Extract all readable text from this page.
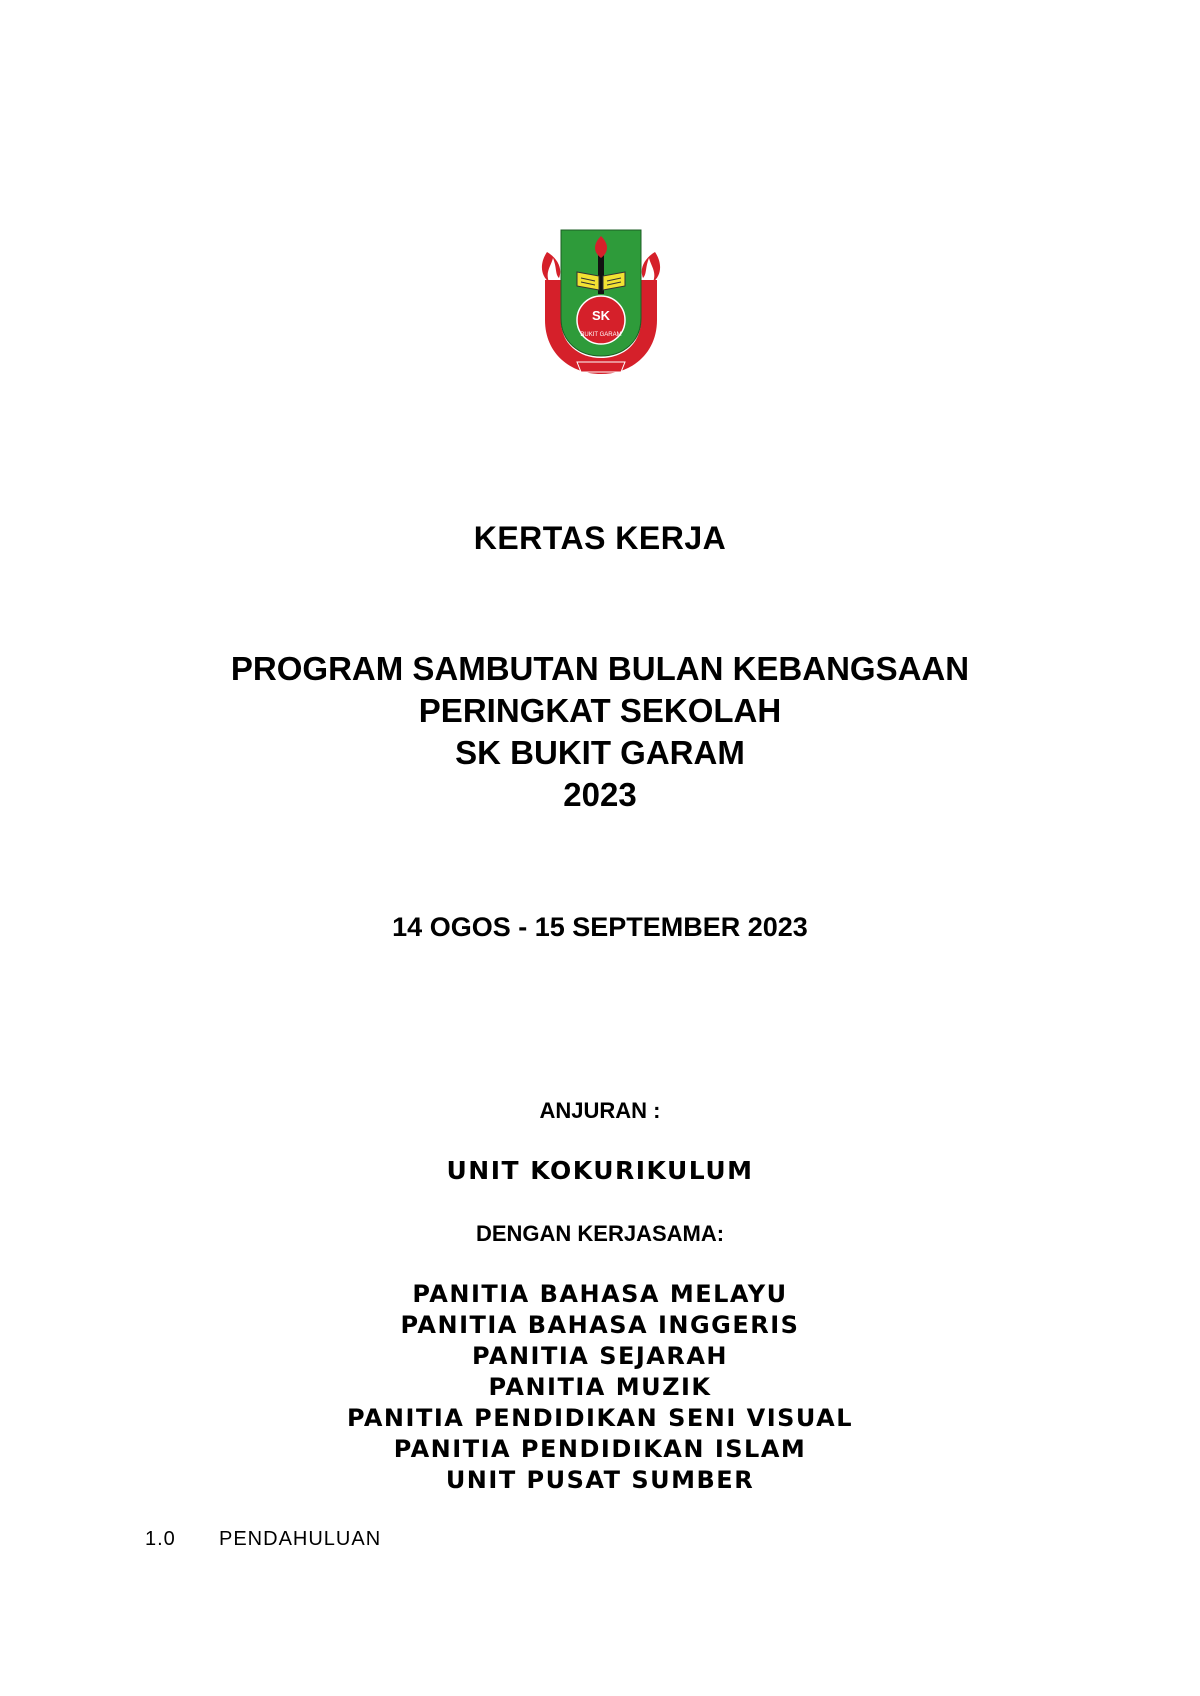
SK
BUKIT GARAM
KERTAS KERJA
PROGRAM SAMBUTAN BULAN KEBANGSAAN
PERINGKAT SEKOLAH
SK BUKIT GARAM
2023
14 OGOS - 15 SEPTEMBER 2023
ANJURAN :
UNIT KOKURIKULUM
DENGAN KERJASAMA:
PANITIA BAHASA MELAYU
PANITIA BAHASA INGGERIS
PANITIA SEJARAH
PANITIA MUZIK
PANITIA PENDIDIKAN SENI VISUAL
PANITIA PENDIDIKAN ISLAM
UNIT PUSAT SUMBER
1.0 PENDAHULUAN
